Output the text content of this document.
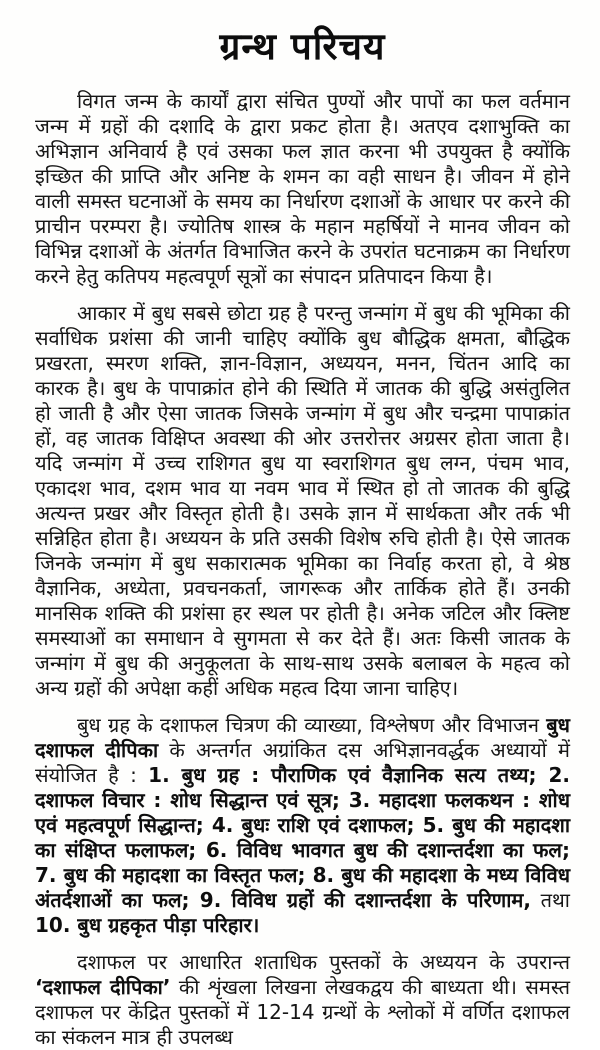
ग्रन्थ परिचय

विगत जन्म के कार्यों द्वारा संचित पुण्यों और पापों का फल वर्तमान जन्म में ग्रहों की दशादि के द्वारा प्रकट होता है। अतएव दशाभुक्ति का अभिज्ञान अनिवार्य है एवं उसका फल ज्ञात करना भी उपयुक्त है क्योंकि इच्छित की प्राप्ति और अनिष्ट के शमन का वही साधन है। जीवन में होने वाली समस्त घटनाओं के समय का निर्धारण दशाओं के आधार पर करने की प्राचीन परम्परा है। ज्योतिष शास्त्र के महान महर्षियों ने मानव जीवन को विभिन्न दशाओं के अंतर्गत विभाजित करने के उपरांत घटनाक्रम का निर्धारण करने हेतु कतिपय महत्वपूर्ण सूत्रों का संपादन प्रतिपादन किया है।

आकार में बुध सबसे छोटा ग्रह है परन्तु जन्मांग में बुध की भूमिका की सर्वाधिक प्रशंसा की जानी चाहिए क्योंकि बुध बौद्धिक क्षमता, बौद्धिक प्रखरता, स्मरण शक्ति, ज्ञान-विज्ञान, अध्ययन, मनन, चिंतन आदि का कारक है। बुध के पापाक्रांत होने की स्थिति में जातक की बुद्धि असंतुलित हो जाती है और ऐसा जातक जिसके जन्मांग में बुध और चन्द्रमा पापाक्रांत हों, वह जातक विक्षिप्त अवस्था की ओर उत्तरोत्तर अग्रसर होता जाता है। यदि जन्मांग में उच्च राशिगत बुध या स्वराशिगत बुध लग्न, पंचम भाव, एकादश भाव, दशम भाव या नवम भाव में स्थित हो तो जातक की बुद्धि अत्यन्त प्रखर और विस्तृत होती है। उसके ज्ञान में सार्थकता और तर्क भी सन्निहित होता है। अध्ययन के प्रति उसकी विशेष रुचि होती है। ऐसे जातक जिनके जन्मांग में बुध सकारात्मक भूमिका का निर्वाह करता हो, वे श्रेष्ठ वैज्ञानिक, अध्येता, प्रवचनकर्ता, जागरूक और तार्किक होते हैं। उनकी मानसिक शक्ति की प्रशंसा हर स्थल पर होती है। अनेक जटिल और क्लिष्ट समस्याओं का समाधान वे सुगमता से कर देते हैं। अतः किसी जातक के जन्मांग में बुध की अनुकूलता के साथ-साथ उसके बलाबल के महत्व को अन्य ग्रहों की अपेक्षा कहीं अधिक महत्व दिया जाना चाहिए।

बुध ग्रह के दशाफल चित्रण की व्याख्या, विश्लेषण और विभाजन बुध दशाफल दीपिका के अन्तर्गत अग्रांकित दस अभिज्ञानवर्द्धक अध्यायों में संयोजित है : 1. बुध ग्रह : पौराणिक एवं वैज्ञानिक सत्य तथ्य; 2. दशाफल विचार : शोध सिद्धान्त एवं सूत्र; 3. महादशा फलकथन : शोध एवं महत्वपूर्ण सिद्धान्त; 4. बुधः राशि एवं दशाफल; 5. बुध की महादशा का संक्षिप्त फलाफल; 6. विविध भावगत बुध की दशान्तर्दशा का फल; 7. बुध की महादशा का विस्तृत फल; 8. बुध की महादशा के मध्य विविध अंतर्दशाओं का फल; 9. विविध ग्रहों की दशान्तर्दशा के परिणाम, तथा 10. बुध ग्रहकृत पीड़ा परिहार।

दशाफल पर आधारित शताधिक पुस्तकों के अध्ययन के उपरान्त ‘दशाफल दीपिका’ की शृंखला लिखना लेखकद्वय की बाध्यता थी। समस्त दशाफल पर केंद्रित पुस्तकों में 12-14 ग्रन्थों के श्लोकों में वर्णित दशाफल का संकलन मात्र ही उपलब्ध
